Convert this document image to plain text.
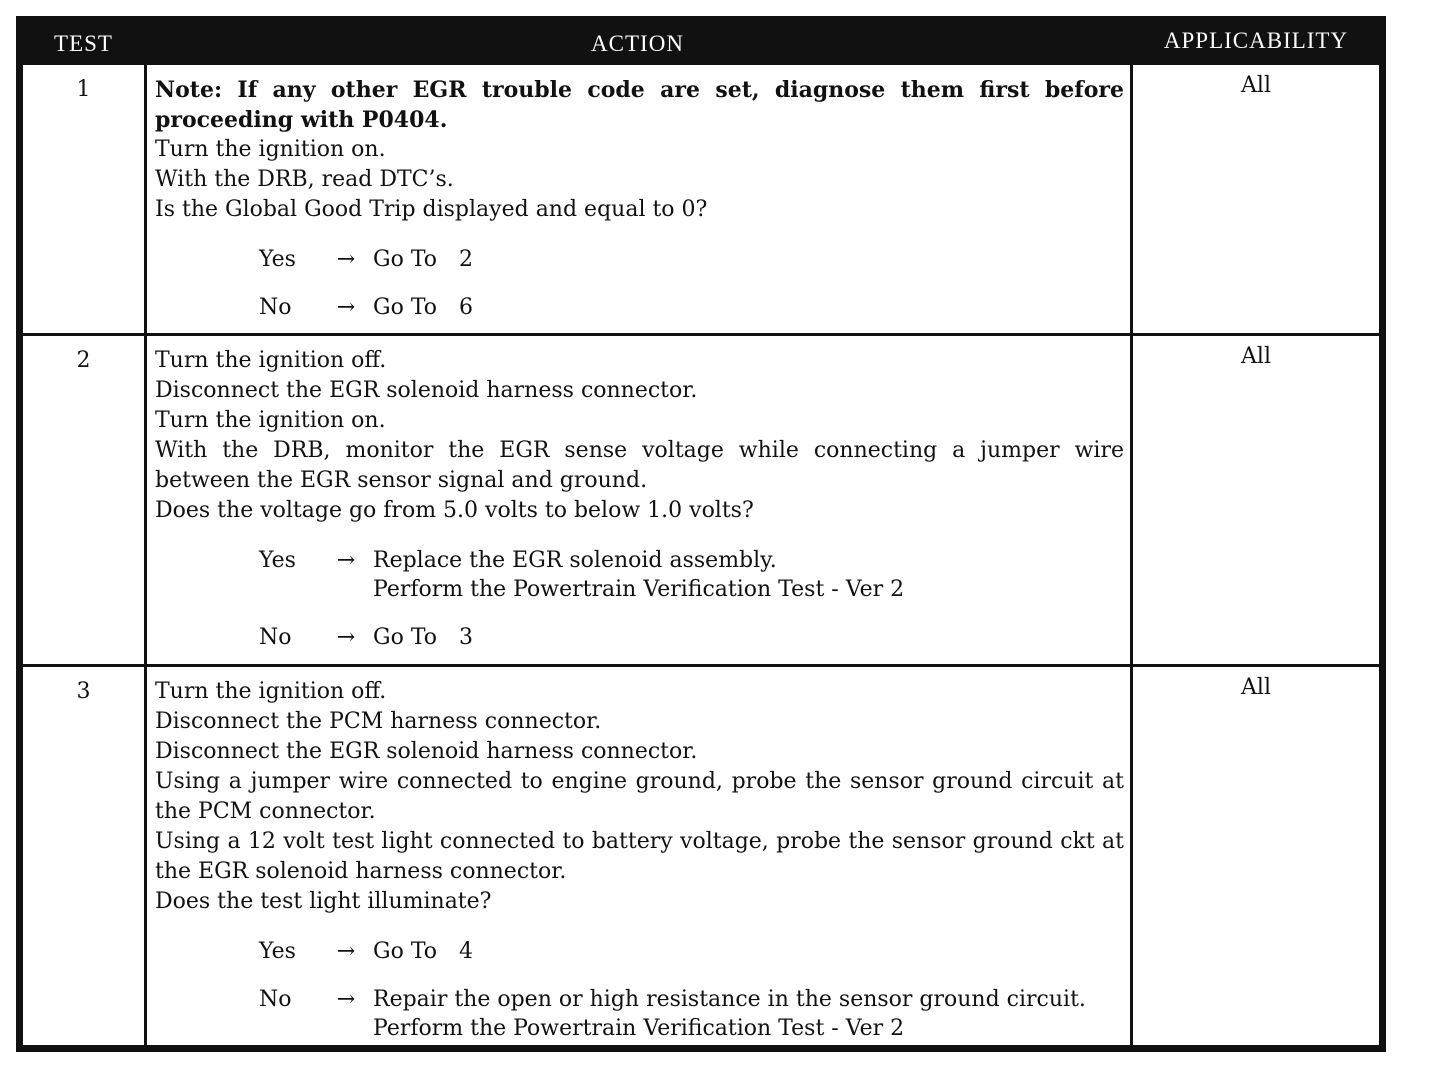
TEST	ACTION	APPLICABILITY
1	Note: If any other EGR trouble code are set, diagnose them first before proceeding with P0404.
Turn the ignition on.
With the DRB, read DTC’s.
Is the Global Good Trip displayed and equal to 0?
Yes	→ Go To 2
No	→ Go To 6
All
2	Turn the ignition off.
Disconnect the EGR solenoid harness connector.
Turn the ignition on.
With the DRB, monitor the EGR sense voltage while connecting a jumper wire between the EGR sensor signal and ground.
Does the voltage go from 5.0 volts to below 1.0 volts?
Yes	→ Replace the EGR solenoid assembly.
Perform the Powertrain Verification Test - Ver 2
No	→ Go To 3
All
3	Turn the ignition off.
Disconnect the PCM harness connector.
Disconnect the EGR solenoid harness connector.
Using a jumper wire connected to engine ground, probe the sensor ground circuit at the PCM connector.
Using a 12 volt test light connected to battery voltage, probe the sensor ground ckt at the EGR solenoid harness connector.
Does the test light illuminate?
Yes	→ Go To 4
No	→ Repair the open or high resistance in the sensor ground circuit.
Perform the Powertrain Verification Test - Ver 2
All
